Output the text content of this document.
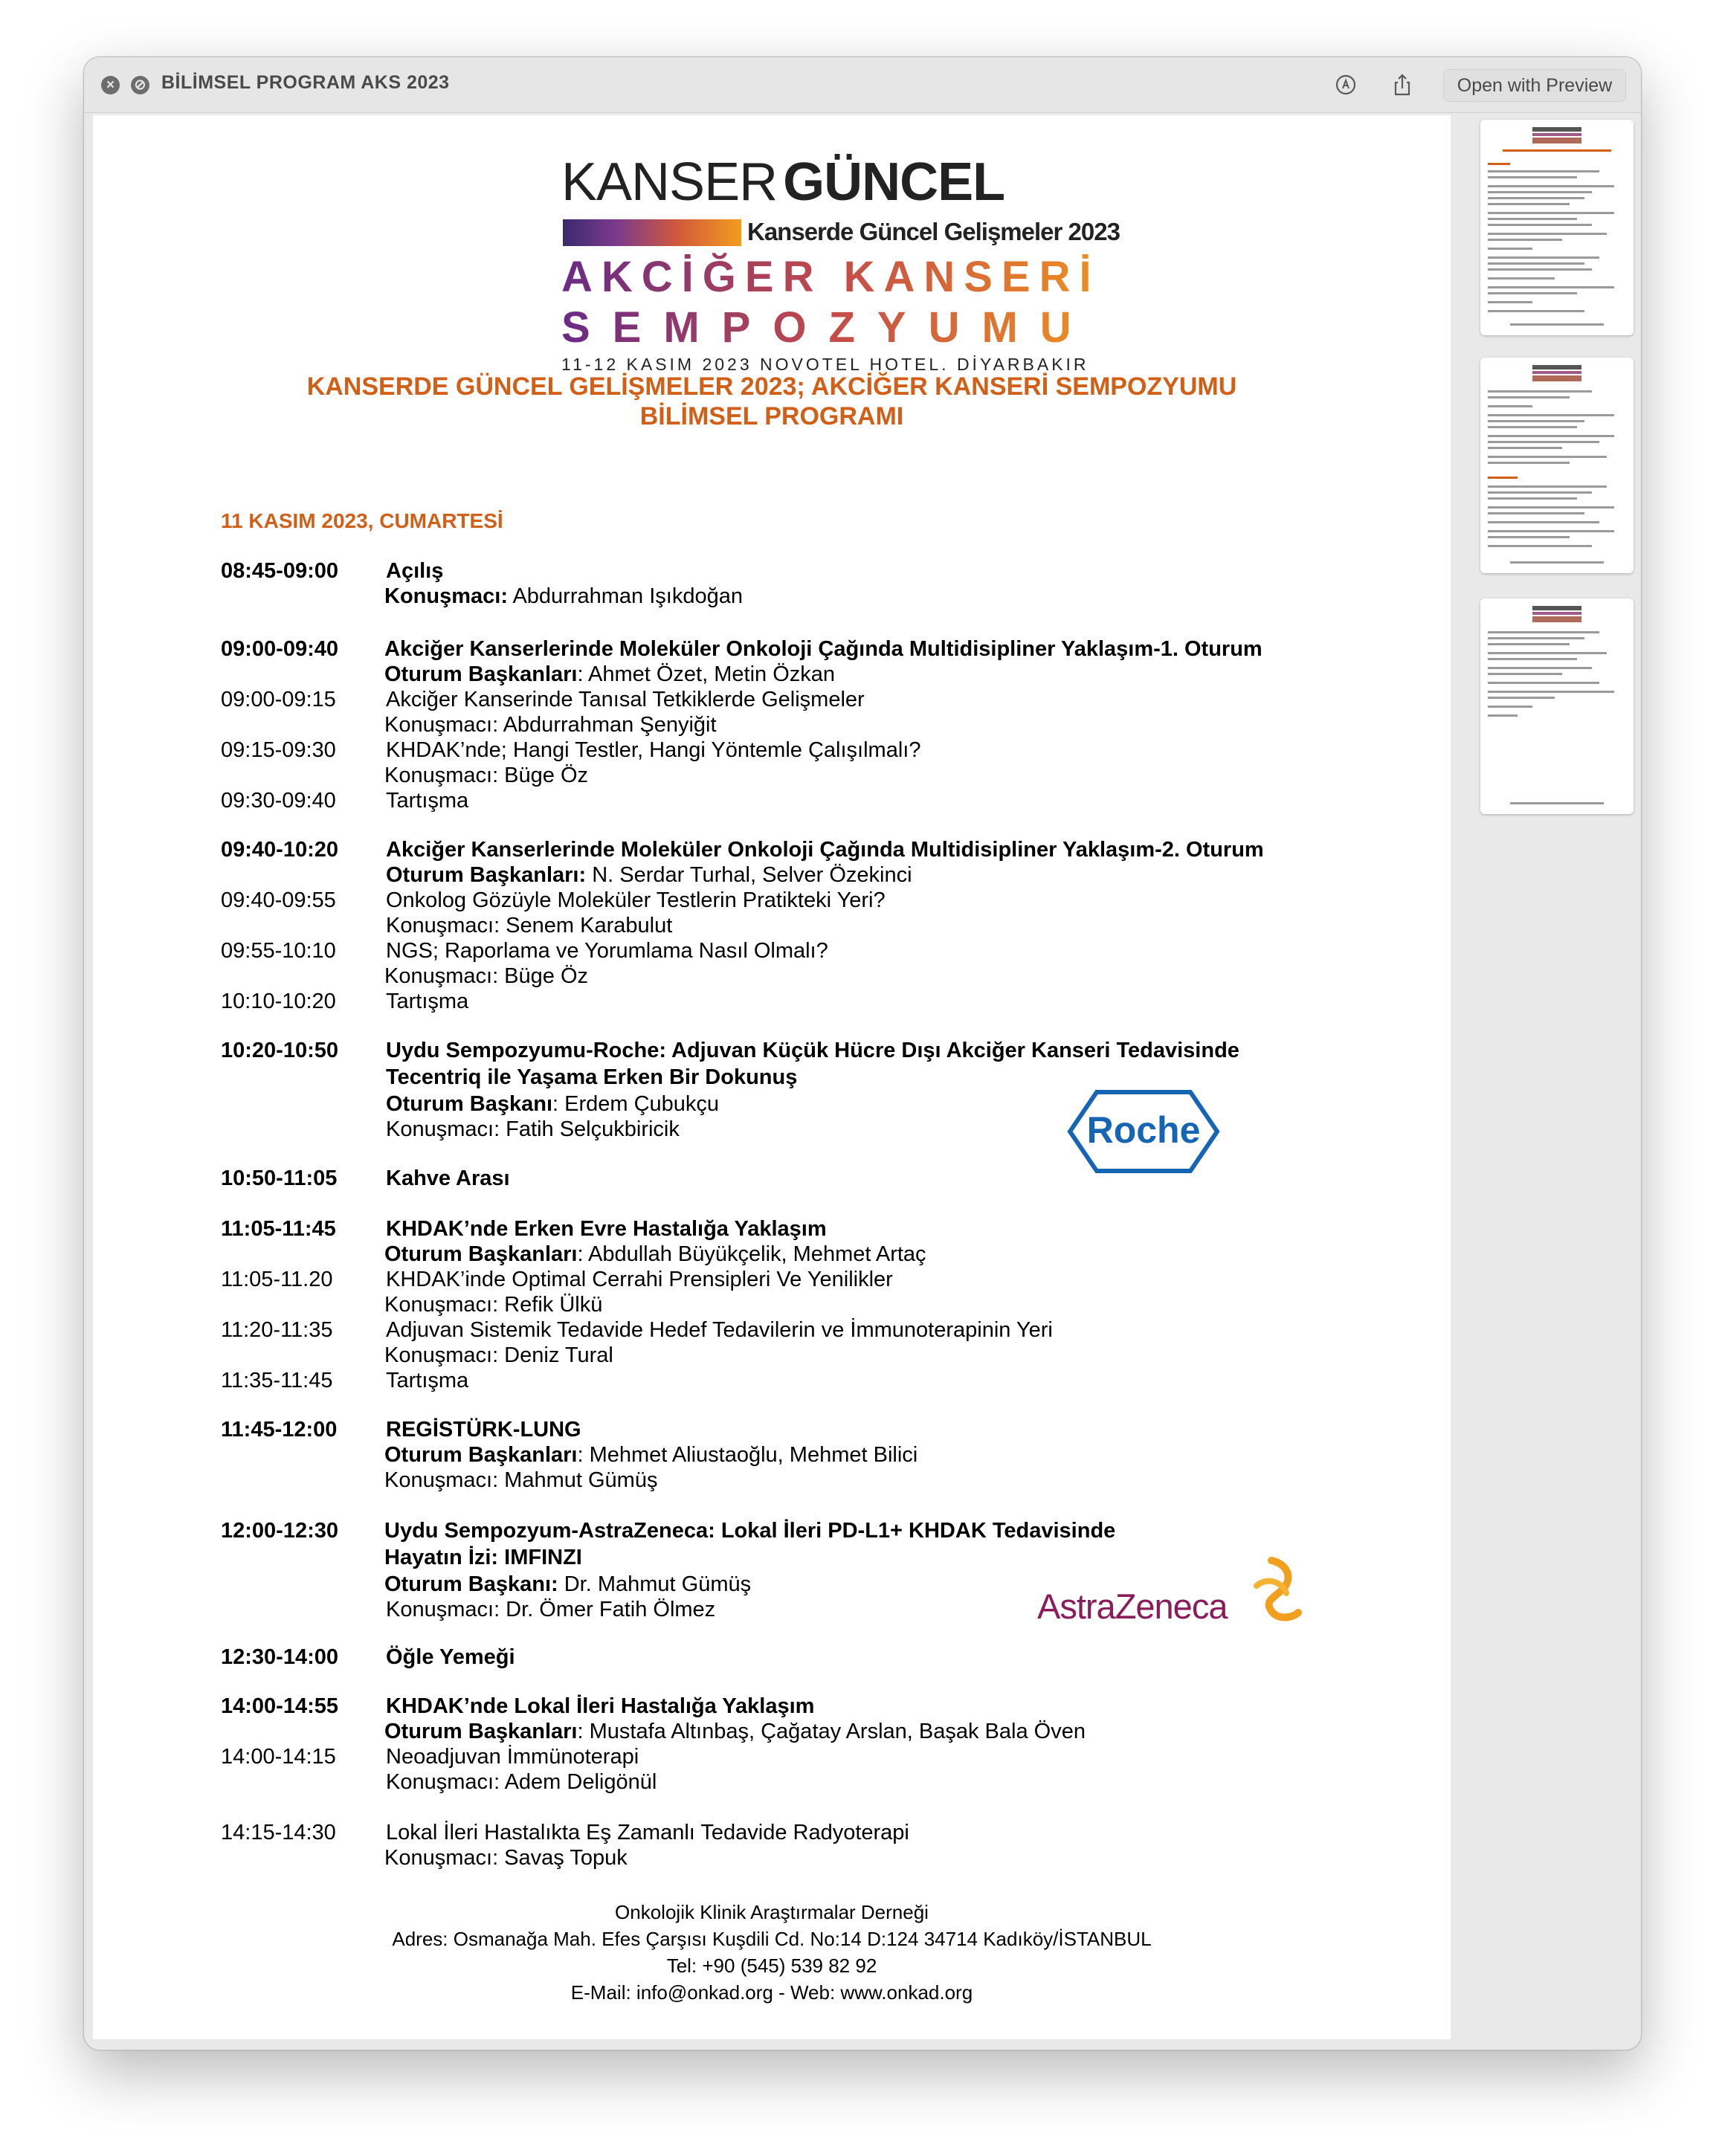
×	⊘ BİLİMSEL PROGRAM AKS 2023	Open with Preview
KANSER GÜNCEL
Kanserde Güncel Gelişmeler 2023
AKCİĞER KANSERİ
SEMPOZYUMU
11-12 KASIM 2023 NOVOTEL HOTEL. DİYARBAKIR
KANSERDE GÜNCEL GELİŞMELER 2023; AKCİĞER KANSERİ SEMPOZYUMU
BİLİMSEL PROGRAMI
11 KASIM 2023, CUMARTESİ
08:45-09:00 Açılış
Konuşmacı: Abdurrahman Işıkdoğan
09:00-09:40 Akciğer Kanserlerinde Moleküler Onkoloji Çağında Multidisipliner Yaklaşım-1. Oturum
Oturum Başkanları: Ahmet Özet, Metin Özkan
09:00-09:15 Akciğer Kanserinde Tanısal Tetkiklerde Gelişmeler
Konuşmacı: Abdurrahman Şenyiğit
09:15-09:30 KHDAK’nde; Hangi Testler, Hangi Yöntemle Çalışılmalı?
Konuşmacı: Büge Öz
09:30-09:40 Tartışma
09:40-10:20 Akciğer Kanserlerinde Moleküler Onkoloji Çağında Multidisipliner Yaklaşım-2. Oturum
Oturum Başkanları: N. Serdar Turhal, Selver Özekinci
09:40-09:55 Onkolog Gözüyle Moleküler Testlerin Pratikteki Yeri?
Konuşmacı: Senem Karabulut
09:55-10:10 NGS; Raporlama ve Yorumlama Nasıl Olmalı?
Konuşmacı: Büge Öz
10:10-10:20 Tartışma
10:20-10:50 Uydu Sempozyumu-Roche: Adjuvan Küçük Hücre Dışı Akciğer Kanseri Tedavisinde
Tecentriq ile Yaşama Erken Bir Dokunuş
Oturum Başkanı: Erdem Çubukçu
Konuşmacı: Fatih Selçukbiricik	Roche
10:50-11:05 Kahve Arası
11:05-11:45 KHDAK’nde Erken Evre Hastalığa Yaklaşım
Oturum Başkanları: Abdullah Büyükçelik, Mehmet Artaç
11:05-11.20 KHDAK’inde Optimal Cerrahi Prensipleri Ve Yenilikler
Konuşmacı: Refik Ülkü
11:20-11:35 Adjuvan Sistemik Tedavide Hedef Tedavilerin ve İmmunoterapinin Yeri
Konuşmacı: Deniz Tural
11:35-11:45 Tartışma
11:45-12:00 REGİSTÜRK-LUNG
Oturum Başkanları: Mehmet Aliustaoğlu, Mehmet Bilici
Konuşmacı: Mahmut Gümüş
12:00-12:30 Uydu Sempozyum-AstraZeneca: Lokal İleri PD-L1+ KHDAK Tedavisinde
Hayatın İzi: IMFINZI
Oturum Başkanı: Dr. Mahmut Gümüş
Konuşmacı: Dr. Ömer Fatih Ölmez	AstraZeneca
12:30-14:00 Öğle Yemeği
14:00-14:55 KHDAK’nde Lokal İleri Hastalığa Yaklaşım
Oturum Başkanları: Mustafa Altınbaş, Çağatay Arslan, Başak Bala Öven
14:00-14:15 Neoadjuvan İmmünoterapi
Konuşmacı: Adem Deligönül
14:15-14:30 Lokal İleri Hastalıkta Eş Zamanlı Tedavide Radyoterapi
Konuşmacı: Savaş Topuk
Onkolojik Klinik Araştırmalar Derneği
Adres: Osmanağa Mah. Efes Çarşısı Kuşdili Cd. No:14 D:124 34714 Kadıköy/İSTANBUL
Tel: +90 (545) 539 82 92
E-Mail: info@onkad.org - Web: www.onkad.org
